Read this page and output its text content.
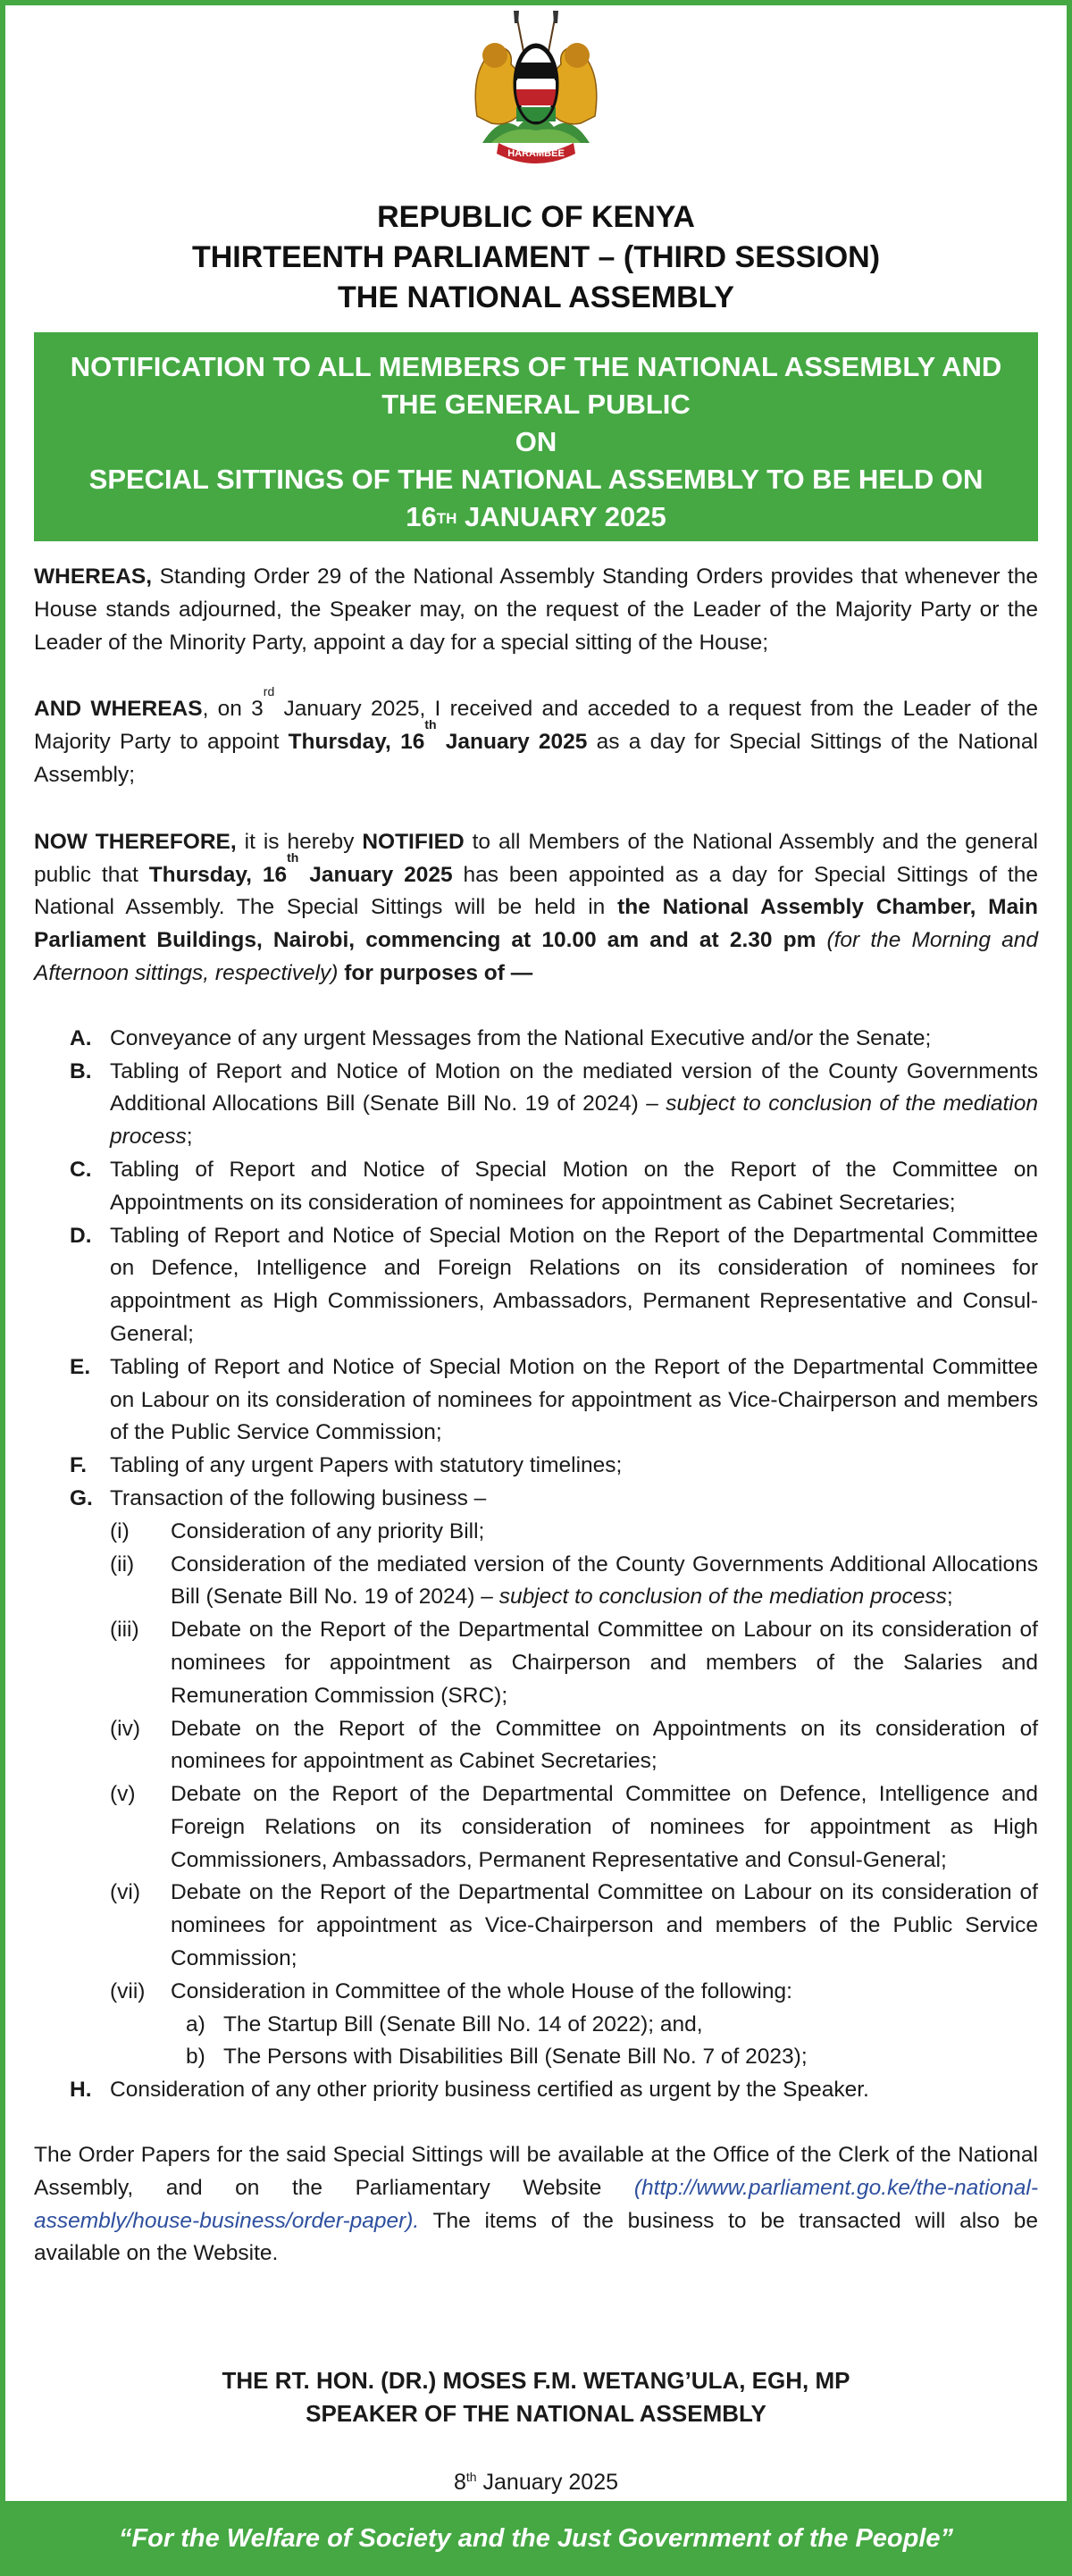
HARAMBEE
REPUBLIC OF KENYA
THIRTEENTH PARLIAMENT – (THIRD SESSION)
THE NATIONAL ASSEMBLY
NOTIFICATION TO ALL MEMBERS OF THE NATIONAL ASSEMBLY AND
THE GENERAL PUBLIC
ON
SPECIAL SITTINGS OF THE NATIONAL ASSEMBLY TO BE HELD ON
16TH JANUARY 2025

WHEREAS, Standing Order 29 of the National Assembly Standing Orders provides that whenever the House stands adjourned, the Speaker may, on the request of the Leader of the Majority Party or the Leader of the Minority Party, appoint a day for a special sitting of the House;

AND WHEREAS, on 3rd January 2025, I received and acceded to a request from the Leader of the Majority Party to appoint Thursday, 16th January 2025 as a day for Special Sittings of the National Assembly;

NOW THEREFORE, it is hereby NOTIFIED to all Members of the National Assembly and the general public that Thursday, 16th January 2025 has been appointed as a day for Special Sittings of the National Assembly. The Special Sittings will be held in the National Assembly Chamber, Main Parliament Buildings, Nairobi, commencing at 10.00 am and at 2.30 pm (for the Morning and Afternoon sittings, respectively) for purposes of —

A. Conveyance of any urgent Messages from the National Executive and/or the Senate;
B. Tabling of Report and Notice of Motion on the mediated version of the County Governments Additional Allocations Bill (Senate Bill No. 19 of 2024) – subject to conclusion of the mediation process;
C. Tabling of Report and Notice of Special Motion on the Report of the Committee on Appointments on its consideration of nominees for appointment as Cabinet Secretaries;
D. Tabling of Report and Notice of Special Motion on the Report of the Departmental Committee on Defence, Intelligence and Foreign Relations on its consideration of nominees for appointment as High Commissioners, Ambassadors, Permanent Representative and Consul-General;
E. Tabling of Report and Notice of Special Motion on the Report of the Departmental Committee on Labour on its consideration of nominees for appointment as Vice-Chairperson and members of the Public Service Commission;
F. Tabling of any urgent Papers with statutory timelines;
G. Transaction of the following business –
(i) Consideration of any priority Bill;
(ii) Consideration of the mediated version of the County Governments Additional Allocations Bill (Senate Bill No. 19 of 2024) – subject to conclusion of the mediation process;
(iii) Debate on the Report of the Departmental Committee on Labour on its consideration of nominees for appointment as Chairperson and members of the Salaries and Remuneration Commission (SRC);
(iv) Debate on the Report of the Committee on Appointments on its consideration of nominees for appointment as Cabinet Secretaries;
(v) Debate on the Report of the Departmental Committee on Defence, Intelligence and Foreign Relations on its consideration of nominees for appointment as High Commissioners, Ambassadors, Permanent Representative and Consul-General;
(vi) Debate on the Report of the Departmental Committee on Labour on its consideration of nominees for appointment as Vice-Chairperson and members of the Public Service Commission;
(vii) Consideration in Committee of the whole House of the following:
a) The Startup Bill (Senate Bill No. 14 of 2022); and,
b) The Persons with Disabilities Bill (Senate Bill No. 7 of 2023);
H. Consideration of any other priority business certified as urgent by the Speaker.

The Order Papers for the said Special Sittings will be available at the Office of the Clerk of the National Assembly, and on the Parliamentary Website (http://www.parliament.go.ke/the-national-assembly/house-business/order-paper). The items of the business to be transacted will also be available on the Website.

THE RT. HON. (DR.) MOSES F.M. WETANG’ULA, EGH, MP
SPEAKER OF THE NATIONAL ASSEMBLY
8th January 2025
“For the Welfare of Society and the Just Government of the People”
